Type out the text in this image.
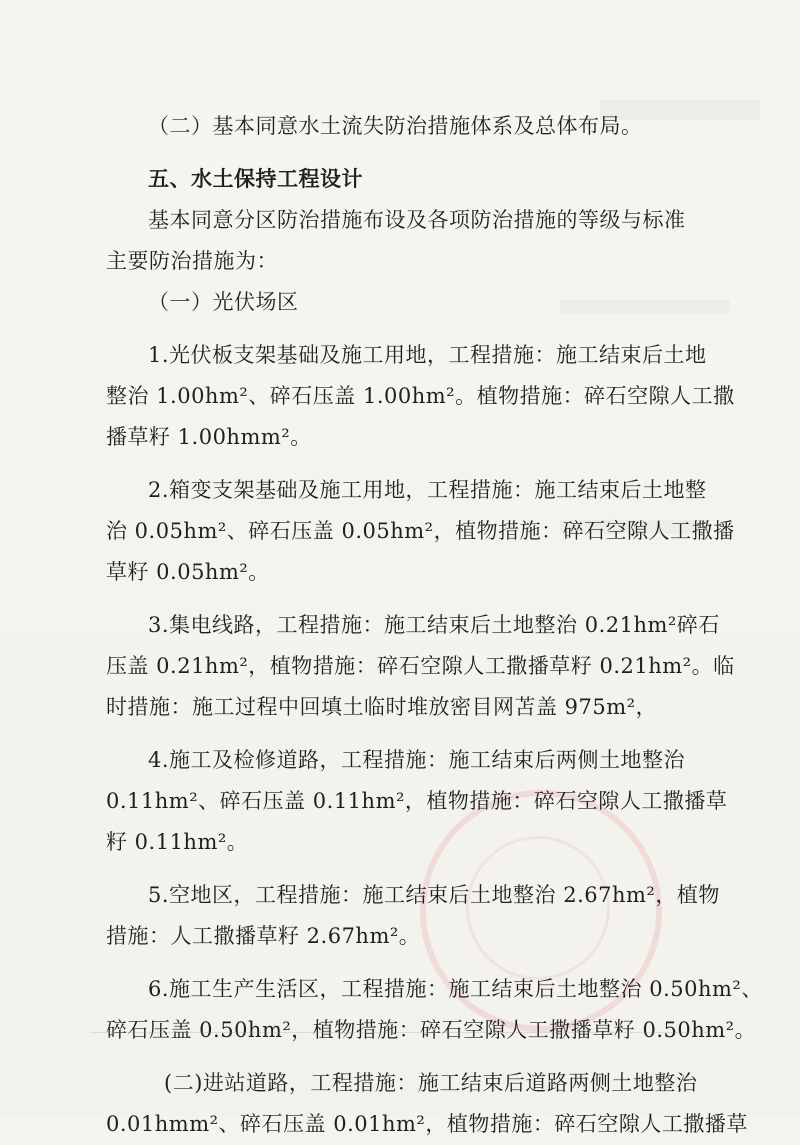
（二）基本同意水土流失防治措施体系及总体布局。
五、水土保持工程设计
基本同意分区防治措施布设及各项防治措施的等级与标准
主要防治措施为：
（一）光伏场区
1.光伏板支架基础及施工用地，工程措施：施工结束后土地
整治 1.00hm²、碎石压盖 1.00hm²。植物措施：碎石空隙人工撒
播草籽 1.00hmm²。
2.箱变支架基础及施工用地，工程措施：施工结束后土地整
治 0.05hm²、碎石压盖 0.05hm²，植物措施：碎石空隙人工撒播
草籽 0.05hm²。
3.集电线路，工程措施：施工结束后土地整治 0.21hm²碎石
压盖 0.21hm²，植物措施：碎石空隙人工撒播草籽 0.21hm²。临
时措施：施工过程中回填土临时堆放密目网苫盖 975m²，
4.施工及检修道路，工程措施：施工结束后两侧土地整治
0.11hm²、碎石压盖 0.11hm²，植物措施：碎石空隙人工撒播草
籽 0.11hm²。
5.空地区，工程措施：施工结束后土地整治 2.67hm²，植物
措施：人工撒播草籽 2.67hm²。
6.施工生产生活区，工程措施：施工结束后土地整治 0.50hm²、
碎石压盖 0.50hm²，植物措施：碎石空隙人工撒播草籽 0.50hm²。
(二)进站道路，工程措施：施工结束后道路两侧土地整治
0.01hmm²、碎石压盖 0.01hm²，植物措施：碎石空隙人工撒播草
